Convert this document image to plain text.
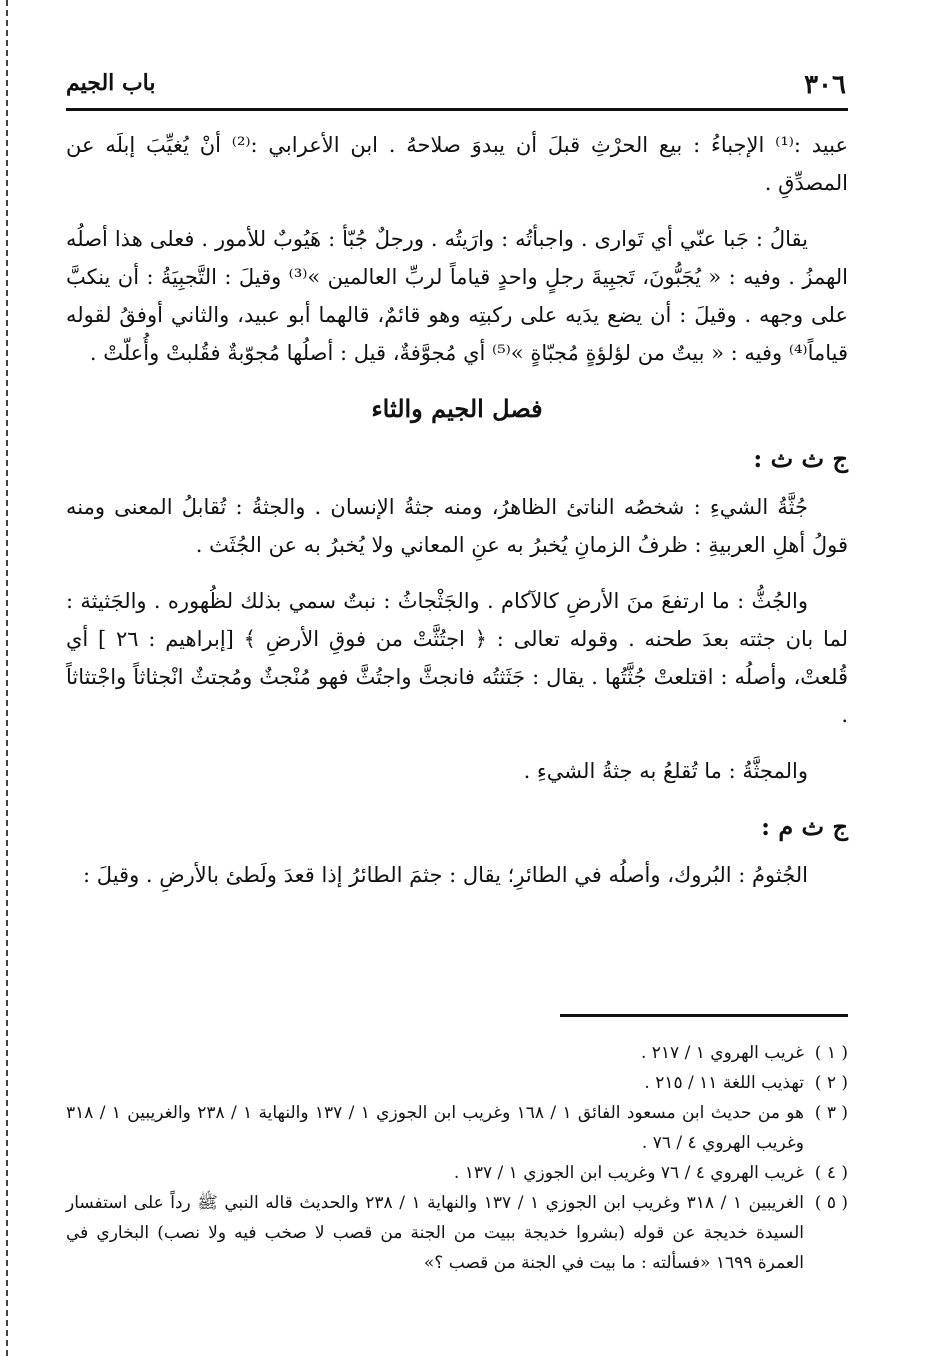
٣٠٦
باب الجيم

عبيد :⁽¹⁾ الإجباءُ : بيع الحرْثِ قبلَ أن يبدوَ صلاحهُ . ابن الأعرابي :⁽²⁾ أنْ يُغيِّبَ إبلَه عن المصدِّقِ .

يقالُ : جَبا عنّي أي تَوارى . واجبأتُه : وارَيتُه . ورجلٌ جُبّأ : هَيُوبٌ للأمور . فعلى هذا أصلُه الهمزُ . وفيه : « يُجَبُّونَ، تَجبِيةَ رجلٍ واحدٍ قياماً لربِّ العالمين »⁽³⁾ وقيلَ : التَّجبِيَةُ : أن ينكبَّ على وجهه . وقيلَ : أن يضع يدَيه على ركبتِه وهو قائمٌ، قالهما أبو عبيد، والثاني أوفقُ لقوله قياماً⁽⁴⁾ وفيه : « بيتٌ من لؤلؤةٍ مُجبّاةٍ »⁽⁵⁾ أي مُجوَّفةٌ، قيل : أصلُها مُجوّبةٌ فقُلبتْ وأُعلّتْ .

فصل الجيم والثاء
ج ث ث :

جُثَّةُ الشيءِ : شخصُه الناتئ الظاهرُ، ومنه جثةُ الإنسان . والجثةُ : تُقابلُ المعنى ومنه قولُ أهلِ العربيةِ : ظرفُ الزمانِ يُخبرُ به عنِ المعاني ولا يُخبرُ به عن الجُثَث .

والجُثُّ : ما ارتفعَ منَ الأرضِ كالآكام . والجَثْجاثُ : نبتٌ سمي بذلك لظُهوره . والجَثيثة : لما بان جثته بعدَ طحنه . وقوله تعالى : ﴿ اجتُثَّتْ من فوقِ الأرضِ ﴾ [إبراهيم : ٢٦ ] أي قُلعتْ، وأصلُه : اقتلعتْ جُثَّتُها . يقال : جَثَثتُه فانجثَّ واجتُثَّ فهو مُنْجثٌ ومُجتثٌ انْجثاثاً واجْتثاثاً .

والمجثَّةُ : ما تُقلعُ به جثةُ الشيءِ .

ج ث م :

الجُثومُ : البُروك، وأصلُه في الطائرِ؛ يقال : جثمَ الطائرُ إذا قعدَ ولَطئ بالأرضِ . وقيلَ :

( ١ )
غريب الهروي ١ / ٢١٧ .
( ٢ )
تهذيب اللغة ١١ / ٢١٥ .
( ٣ )
هو من حديث ابن مسعود الفائق ١ / ١٦٨ وغريب ابن الجوزي ١ / ١٣٧ والنهاية ١ / ٢٣٨ والغريبين ١ / ٣١٨ وغريب الهروي ٤ / ٧٦ .
( ٤ )
غريب الهروي ٤ / ٧٦ وغريب ابن الجوزي ١ / ١٣٧ .
( ٥ )
الغريبين ١ / ٣١٨ وغريب ابن الجوزي ١ / ١٣٧ والنهاية ١ / ٢٣٨ والحديث قاله النبي ﷺ رداً على استفسار السيدة خديجة عن قوله (بشروا خديجة ببيت من الجنة من قصب لا صخب فيه ولا نصب) البخاري في العمرة ١٦٩٩ «فسألته : ما بيت في الجنة من قصب ؟»
